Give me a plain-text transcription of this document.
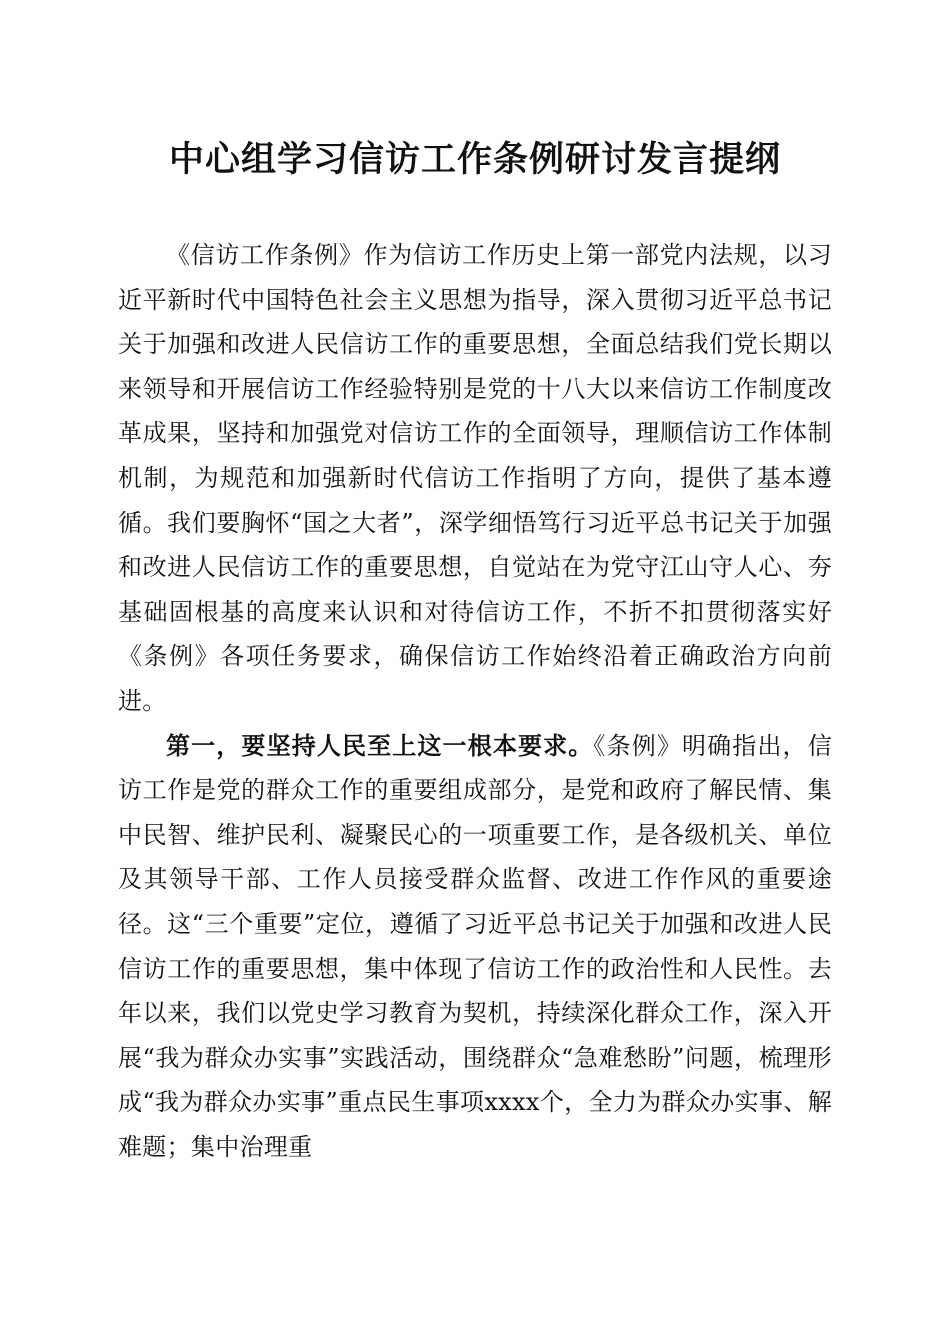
中心组学习信访工作条例研讨发言提纲

《信访工作条例》作为信访工作历史上第一部党内法规，以习近平新时代中国特色社会主义思想为指导，深入贯彻习近平总书记关于加强和改进人民信访工作的重要思想，全面总结我们党长期以来领导和开展信访工作经验特别是党的十八大以来信访工作制度改革成果，坚持和加强党对信访工作的全面领导，理顺信访工作体制机制，为规范和加强新时代信访工作指明了方向，提供了基本遵循。我们要胸怀“国之大者”，深学细悟笃行习近平总书记关于加强和改进人民信访工作的重要思想，自觉站在为党守江山守人心、夯基础固根基的高度来认识和对待信访工作，不折不扣贯彻落实好《条例》各项任务要求，确保信访工作始终沿着正确政治方向前进。

第一，要坚持人民至上这一根本要求。《条例》明确指出，信访工作是党的群众工作的重要组成部分，是党和政府了解民情、集中民智、维护民利、凝聚民心的一项重要工作，是各级机关、单位及其领导干部、工作人员接受群众监督、改进工作作风的重要途径。这“三个重要”定位，遵循了习近平总书记关于加强和改进人民信访工作的重要思想，集中体现了信访工作的政治性和人民性。去年以来，我们以党史学习教育为契机，持续深化群众工作，深入开展“我为群众办实事”实践活动，围绕群众“急难愁盼”问题，梳理形成“我为群众办实事”重点民生事项xxxx个，全力为群众办实事、解难题；集中治理重
